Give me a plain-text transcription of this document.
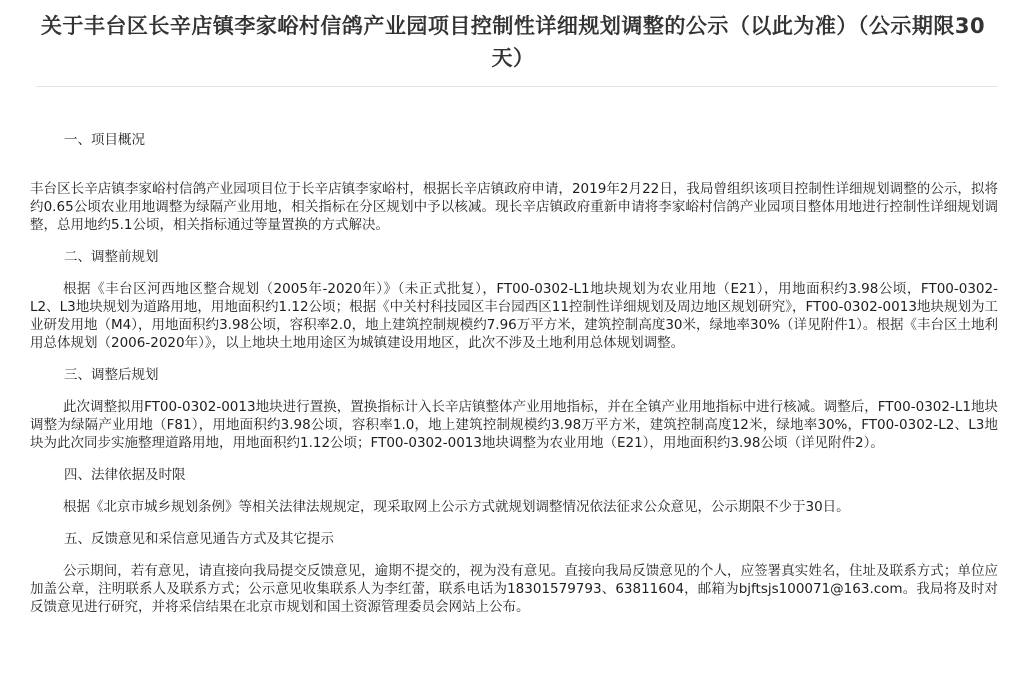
关于丰台区长辛店镇李家峪村信鸽产业园项目控制性详细规划调整的公示（以此为准）（公示期限30天）

一、项目概况

丰台区长辛店镇李家峪村信鸽产业园项目位于长辛店镇李家峪村，根据长辛店镇政府申请，2019年2月22日，我局曾组织该项目控制性详细规划调整的公示，拟将约0.65公顷农业用地调整为绿隔产业用地，相关指标在分区规划中予以核减。现长辛店镇政府重新申请将李家峪村信鸽产业园项目整体用地进行控制性详细规划调整，总用地约5.1公顷，相关指标通过等量置换的方式解决。

二、调整前规划

根据《丰台区河西地区整合规划（2005年-2020年）》（未正式批复），FT00-0302-L1地块规划为农业用地（E21），用地面积约3.98公顷，FT00-0302-L2、L3地块规划为道路用地，用地面积约1.12公顷；根据《中关村科技园区丰台园西区11控制性详细规划及周边地区规划研究》，FT00-0302-0013地块规划为工业研发用地（M4），用地面积约3.98公顷，容积率2.0，地上建筑控制规模约7.96万平方米，建筑控制高度30米，绿地率30%（详见附件1）。根据《丰台区土地利用总体规划（2006-2020年）》，以上地块土地用途区为城镇建设用地区，此次不涉及土地利用总体规划调整。

三、调整后规划

此次调整拟用FT00-0302-0013地块进行置换，置换指标计入长辛店镇整体产业用地指标，并在全镇产业用地指标中进行核减。调整后，FT00-0302-L1地块调整为绿隔产业用地（F81），用地面积约3.98公顷，容积率1.0，地上建筑控制规模约3.98万平方米，建筑控制高度12米，绿地率30%，FT00-0302-L2、L3地块为此次同步实施整理道路用地，用地面积约1.12公顷；FT00-0302-0013地块调整为农业用地（E21），用地面积约3.98公顷（详见附件2）。

四、法律依据及时限

根据《北京市城乡规划条例》等相关法律法规规定，现采取网上公示方式就规划调整情况依法征求公众意见，公示期限不少于30日。

五、反馈意见和采信意见通告方式及其它提示

公示期间，若有意见，请直接向我局提交反馈意见，逾期不提交的，视为没有意见。直接向我局反馈意见的个人，应签署真实姓名，住址及联系方式；单位应加盖公章，注明联系人及联系方式；公示意见收集联系人为李红蕾，联系电话为18301579793、63811604，邮箱为bjftsjs100071@163.com。我局将及时对反馈意见进行研究，并将采信结果在北京市规划和国土资源管理委员会网站上公布。
